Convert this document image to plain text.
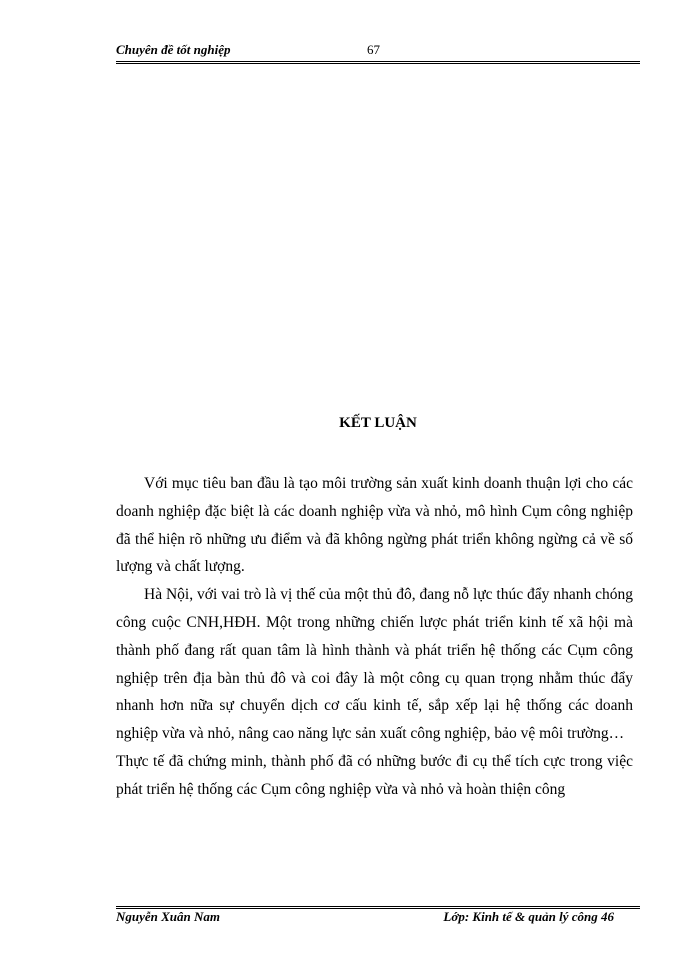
Chuyên đề tốt nghiệp	67
KẾT LUẬN

Với mục tiêu ban đầu là tạo môi trường sản xuất kinh doanh thuận lợi cho các doanh nghiệp đặc biệt là các doanh nghiệp vừa và nhỏ, mô hình Cụm công nghiệp đã thể hiện rõ những ưu điểm và đã không ngừng phát triển không ngừng cả về số lượng và chất lượng.

Hà Nội, với vai trò là vị thế của một thủ đô, đang nỗ lực thúc đẩy nhanh chóng công cuộc CNH,HĐH. Một trong những chiến lược phát triển kinh tế xã hội mà thành phố đang rất quan tâm là hình thành và phát triển hệ thống các Cụm công nghiệp trên địa bàn thủ đô và coi đây là một công cụ quan trọng nhằm thúc đẩy nhanh hơn nữa sự chuyển dịch cơ cấu kinh tế, sắp xếp lại hệ thống các doanh nghiệp vừa và nhỏ, nâng cao năng lực sản xuất công nghiệp, bảo vệ môi trường…

Thực tế đã chứng minh, thành phố đã có những bước đi cụ thể tích cực trong việc phát triển hệ thống các Cụm công nghiệp vừa và nhỏ và hoàn thiện công

Nguyễn Xuân Nam	Lớp: Kinh tế & quản lý công 46
